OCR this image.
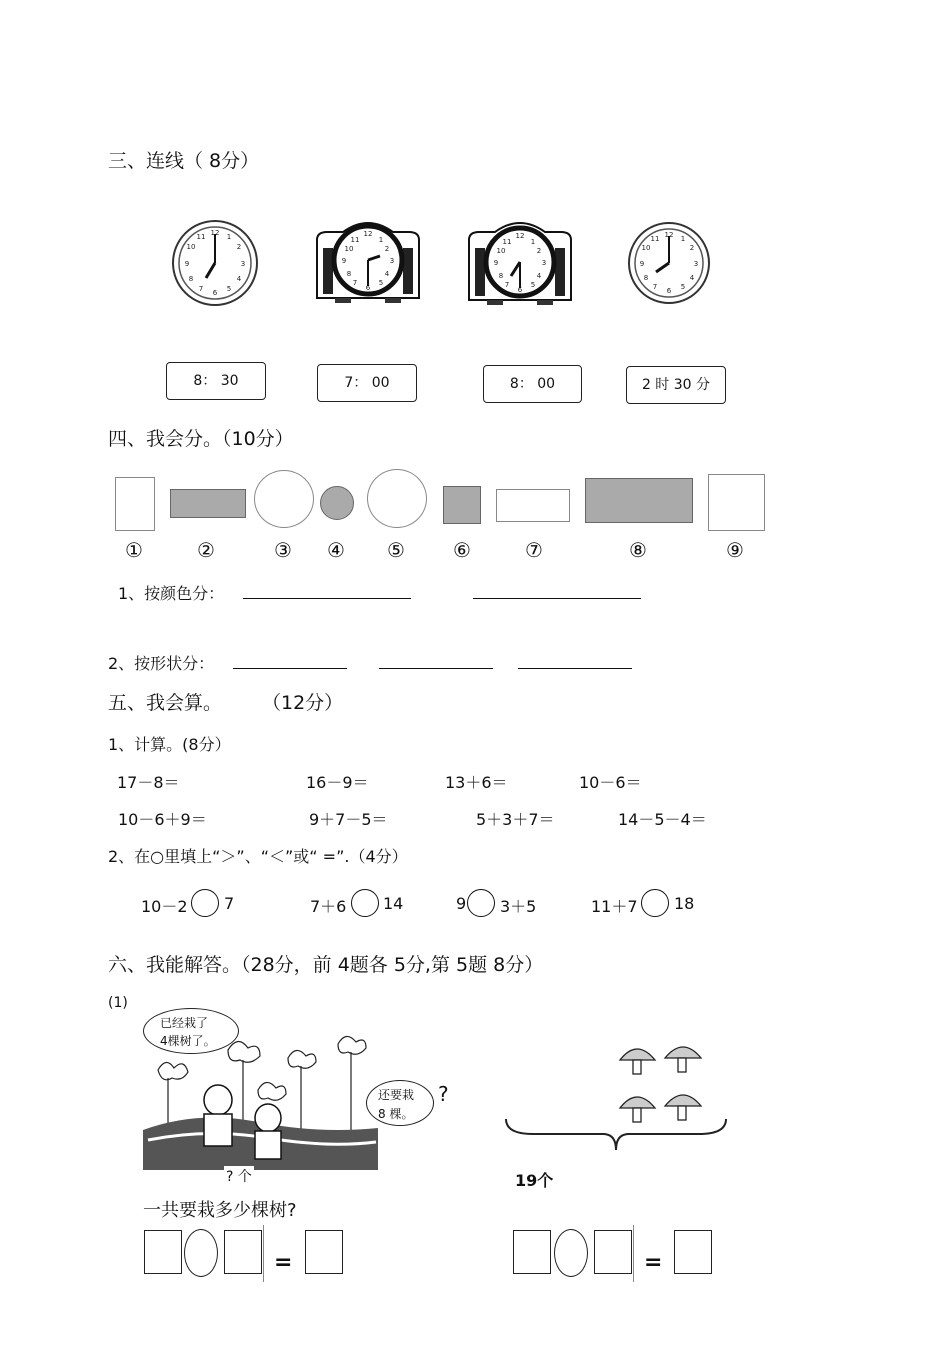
三、连线（ 8分）
12 1
2
3
4
5
6
7
8
9
10
11	12
3
6
9
11	1
2
4
5
7
8
10
12
3
6
9
11	1
2
4
5
7
8
10
12 1
2
3
4
5
6
7
8
9
10
11
8： 30	7： 00	8： 00	2 时 30 分
四、我会分。（10分）
①	②	③ ④ ⑤ ⑥	⑦	⑧	⑨
1、按颜色分：
2、按形状分：
五、我会算。 （12分）
1、计算。(8分）
17－8＝	16－9＝	13＋6＝	10－6＝
10－6＋9＝	9＋7－5＝	5＋3＋7＝	14－5－4＝
2、在○里填上“＞”、“＜”或“ =”.（4分）
10－2 7	7＋6 14	9 3＋5	11＋7 18
六、我能解答。（28分，前 4题各 5分,第 5题 8分）
(1)
已经栽了
4棵树了。
还要栽
8 棵。
?
? 个
一共要栽多少棵树?
19个
=	=
